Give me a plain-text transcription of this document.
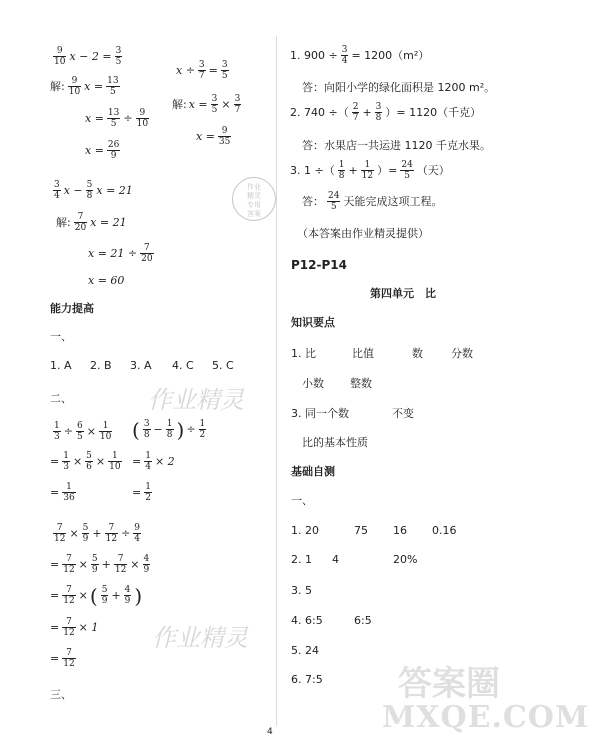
9
10 $x - 2 = \frac{3}{5}$
解: 9
10 $x = \frac{13}{5}$
$x = \frac{13}{5} \div \frac{9}{10}$
$x = \frac{26}{9}$
$x \div \frac{3}{7} = \frac{3}{5}$
解: $x = \frac{3}{5} \times \frac{3}{7}$
$x = \frac{9}{35}$
3
4 $x - \frac{5}{8}$ x = 21
解: 7
20 x = 21
$x = 21 \div \frac{7}{20}$
x = 60
能力提高
一、
1. A 2. B 3. A 4. C 5. C
二、
$\frac{1}{3} \div \frac{6}{5} \times \frac{1}{10}$
= $\frac{1}{3} \times \frac{5}{6} \times \frac{1}{10}$
= $\frac{1}{36}$
( 3
$8 - \frac{1}{8}$ ) ÷ $\frac{1}{2}$
= $\frac{1}{4} \times 2$
= $\frac{1}{2}$
$\frac{7}{12} \times \frac{5}{9} + \frac{7}{12} \div \frac{9}{4}$
= $\frac{7}{12} \times \frac{5}{9} + \frac{7}{12} \times \frac{4}{9}$
= $\frac{7}{12}$ × ( 5
$9 + \frac{4}{9}$ )
= $\frac{7}{12} \times 1$
= $\frac{7}{12}$
三、
1. $900 \div \frac{3}{4} = 1200(m^2)$
答：向阳小学的绿化面积是 1200 m²。
2. 740 ÷（ 2
$7 + \frac{3}{8}$ ）= 1120（千克）
答：水果店一共运进 1120 千克水果。
3. 1 ÷（ 1
$8 + \frac{1}{12}$ ）= $\frac{24}{5}$ （天）
答： 24
5 天能完成这项工程。
（本答案由作业精灵提供）
P12-P14
第四单元　比
知识要点
1. 比	比值	数	分数
小数 整数
3. 同一个数	不变
比的基本性质
基础自测
一、
1. 20	75 16 0.16
2. 1 4	20%
3. 5
4. 6:5	6:5
5. 24
6. 7:5
4
作业精灵
作业精灵
答案圈
MXQE.COM
作业
精灵
专用
答案
